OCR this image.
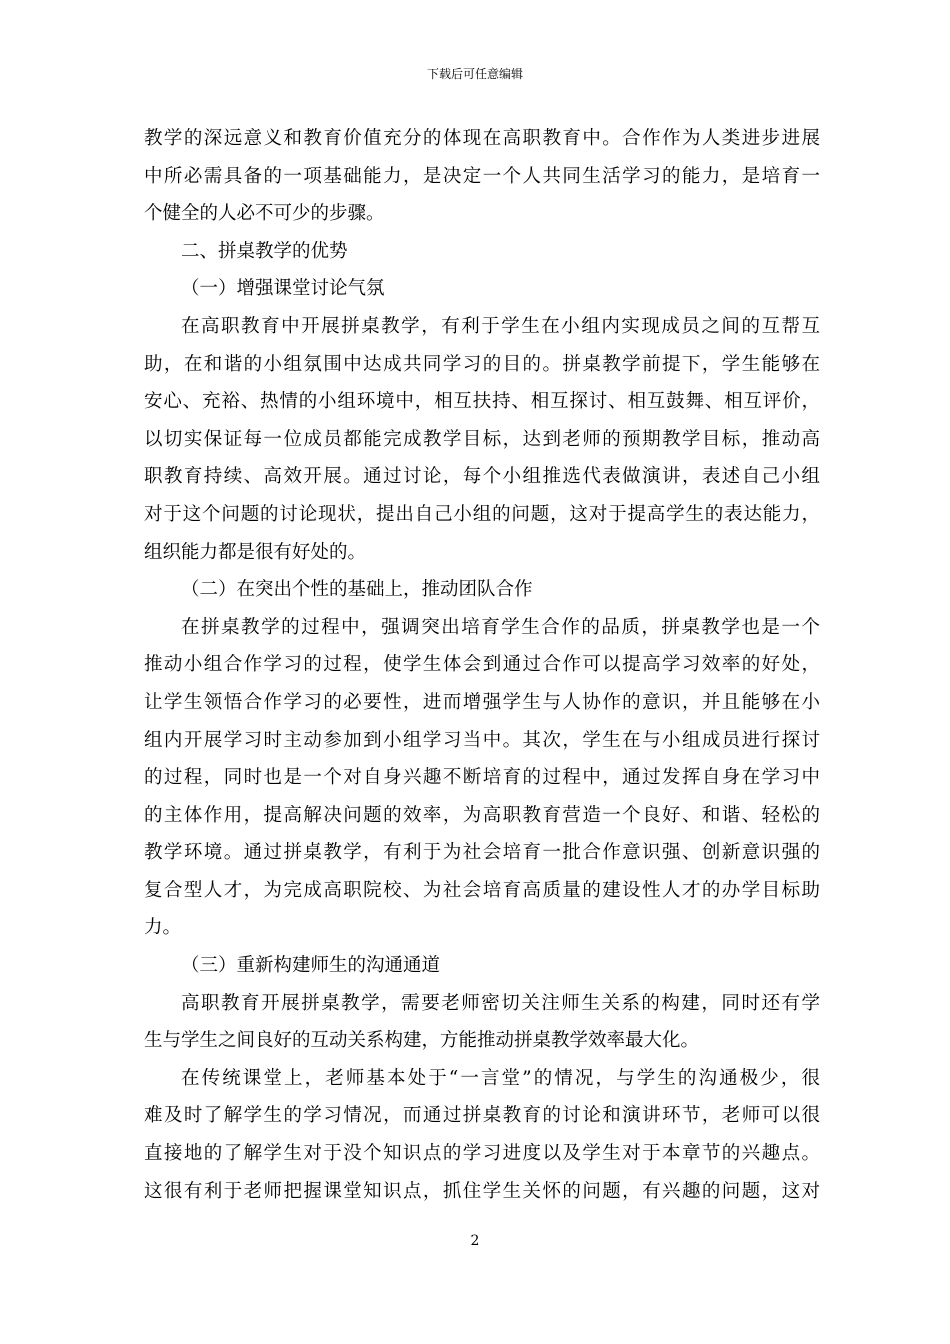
下载后可任意编辑
教学的深远意义和教育价值充分的体现在高职教育中。合作作为人类进步进展
中所必需具备的一项基础能力，是决定一个人共同生活学习的能力，是培育一
个健全的人必不可少的步骤。
二、拼桌教学的优势
（一）增强课堂讨论气氛
在高职教育中开展拼桌教学，有利于学生在小组内实现成员之间的互帮互
助，在和谐的小组氛围中达成共同学习的目的。拼桌教学前提下，学生能够在
安心、充裕、热情的小组环境中，相互扶持、相互探讨、相互鼓舞、相互评价，
以切实保证每一位成员都能完成教学目标，达到老师的预期教学目标，推动高
职教育持续、高效开展。通过讨论，每个小组推选代表做演讲，表述自己小组
对于这个问题的讨论现状，提出自己小组的问题，这对于提高学生的表达能力，
组织能力都是很有好处的。
（二）在突出个性的基础上，推动团队合作
在拼桌教学的过程中，强调突出培育学生合作的品质，拼桌教学也是一个
推动小组合作学习的过程，使学生体会到通过合作可以提高学习效率的好处，
让学生领悟合作学习的必要性，进而增强学生与人协作的意识，并且能够在小
组内开展学习时主动参加到小组学习当中。其次，学生在与小组成员进行探讨
的过程，同时也是一个对自身兴趣不断培育的过程中，通过发挥自身在学习中
的主体作用，提高解决问题的效率，为高职教育营造一个良好、和谐、轻松的
教学环境。通过拼桌教学，有利于为社会培育一批合作意识强、创新意识强的
复合型人才，为完成高职院校、为社会培育高质量的建设性人才的办学目标助
力。
（三）重新构建师生的沟通通道
高职教育开展拼桌教学，需要老师密切关注师生关系的构建，同时还有学
生与学生之间良好的互动关系构建，方能推动拼桌教学效率最大化。
在传统课堂上，老师基本处于“一言堂”的情况，与学生的沟通极少，很
难及时了解学生的学习情况，而通过拼桌教育的讨论和演讲环节，老师可以很
直接地的了解学生对于没个知识点的学习进度以及学生对于本章节的兴趣点。
这很有利于老师把握课堂知识点，抓住学生关怀的问题，有兴趣的问题，这对
2
